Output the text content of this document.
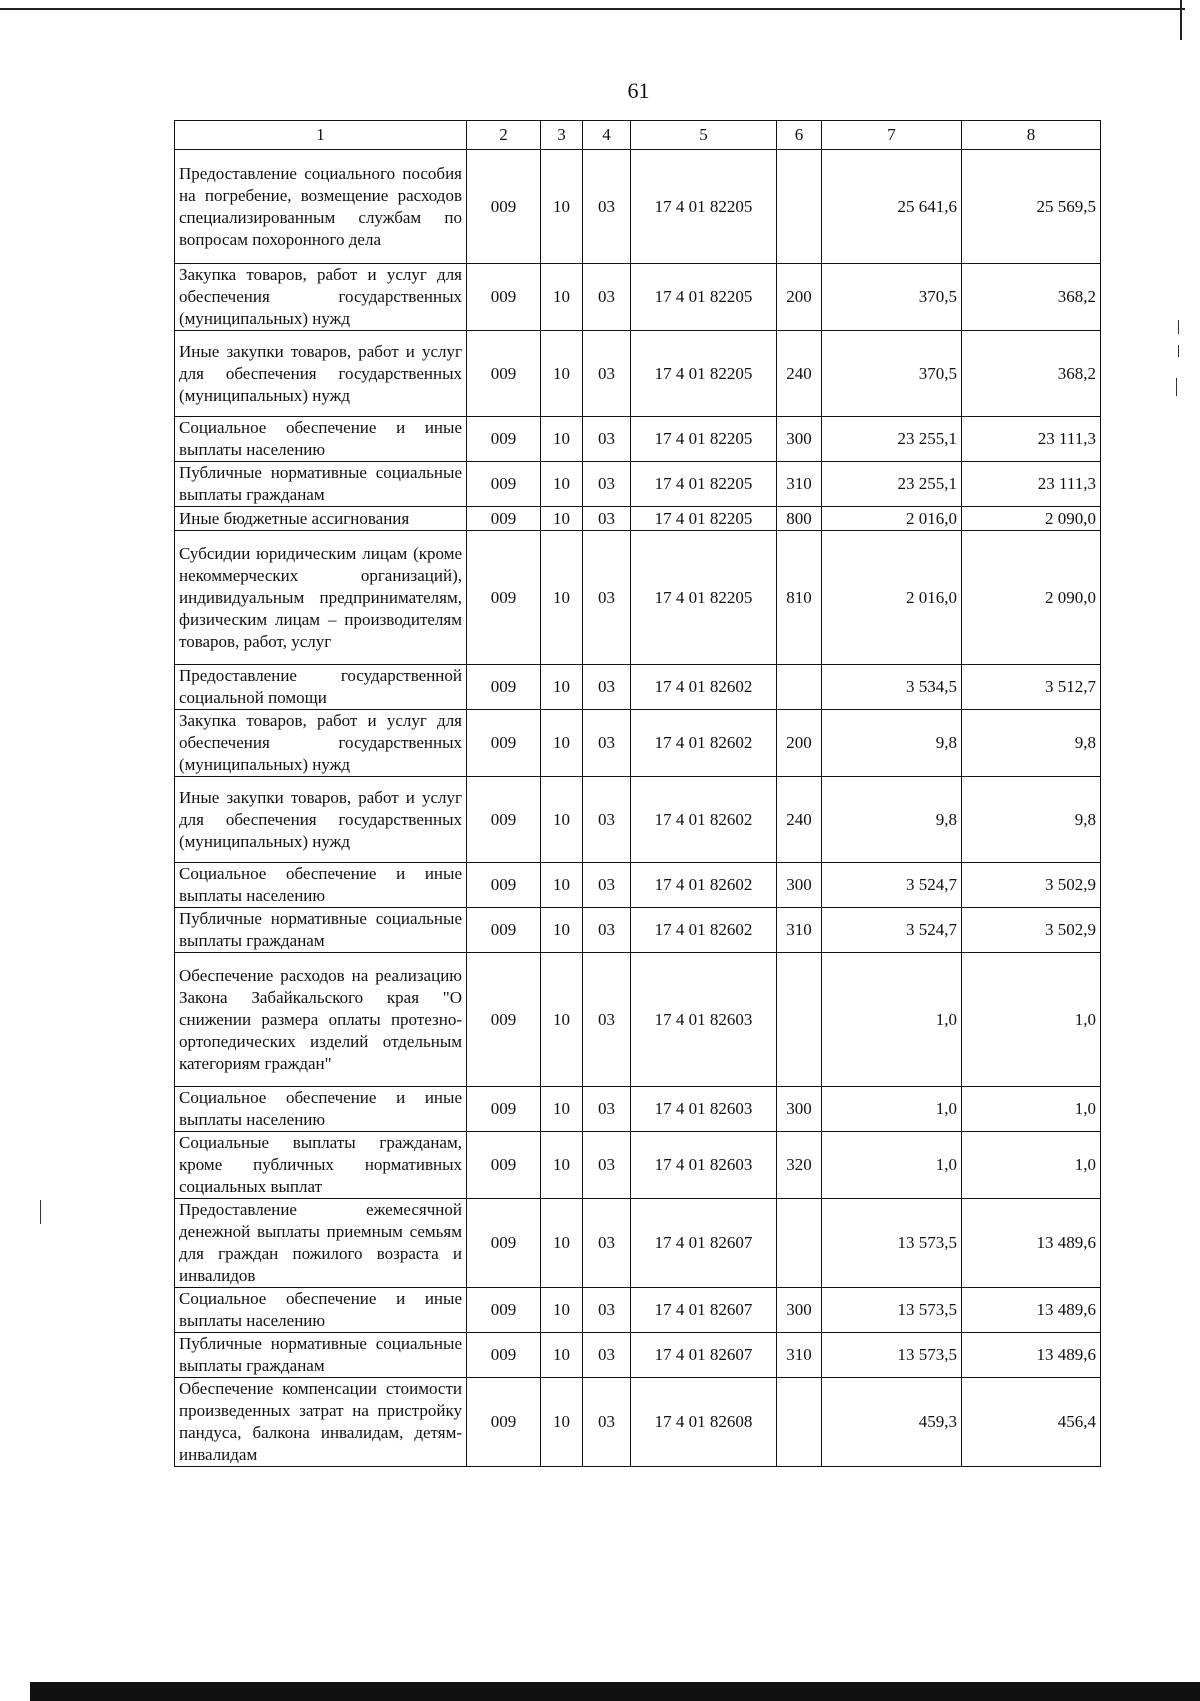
61
1	2	3	4	5	6	7	8
Предоставление социального пособия на погребение, возмещение расходов специализированным службам по вопросам похоронного дела	009	10	03	17 4 01 82205		25 641,6	25 569,5
Закупка товаров, работ и услуг для обеспечения государственных (муниципальных) нужд	009	10	03	17 4 01 82205	200	370,5	368,2
Иные закупки товаров, работ и услуг для обеспечения государственных (муниципальных) нужд	009	10	03	17 4 01 82205	240	370,5	368,2
Социальное обеспечение и иные выплаты населению	009	10	03	17 4 01 82205	300	23 255,1	23 111,3
Публичные нормативные социальные выплаты гражданам	009	10	03	17 4 01 82205	310	23 255,1	23 111,3
Иные бюджетные ассигнования	009	10	03	17 4 01 82205	800	2 016,0	2 090,0
Субсидии юридическим лицам (кроме некоммерческих организаций), индивидуальным предпринимателям, физическим лицам – производителям товаров, работ, услуг	009	10	03	17 4 01 82205	810	2 016,0	2 090,0
Предоставление государственной социальной помощи	009	10	03	17 4 01 82602		3 534,5	3 512,7
Закупка товаров, работ и услуг для обеспечения государственных (муниципальных) нужд	009	10	03	17 4 01 82602	200	9,8	9,8
Иные закупки товаров, работ и услуг для обеспечения государственных (муниципальных) нужд	009	10	03	17 4 01 82602	240	9,8	9,8
Социальное обеспечение и иные выплаты населению	009	10	03	17 4 01 82602	300	3 524,7	3 502,9
Публичные нормативные социальные выплаты гражданам	009	10	03	17 4 01 82602	310	3 524,7	3 502,9
Обеспечение расходов на реализацию Закона Забайкальского края "О снижении размера оплаты протезно-ортопедических изделий отдельным категориям граждан"	009	10	03	17 4 01 82603		1,0	1,0
Социальное обеспечение и иные выплаты населению	009	10	03	17 4 01 82603	300	1,0	1,0
Социальные выплаты гражданам, кроме публичных нормативных социальных выплат	009	10	03	17 4 01 82603	320	1,0	1,0
Предоставление ежемесячной денежной выплаты приемным семьям для граждан пожилого возраста и инвалидов	009	10	03	17 4 01 82607		13 573,5	13 489,6
Социальное обеспечение и иные выплаты населению	009	10	03	17 4 01 82607	300	13 573,5	13 489,6
Публичные нормативные социальные выплаты гражданам	009	10	03	17 4 01 82607	310	13 573,5	13 489,6
Обеспечение компенсации стоимости произведенных затрат на пристройку пандуса, балкона инвалидам, детям-инвалидам	009	10	03	17 4 01 82608		459,3	456,4
